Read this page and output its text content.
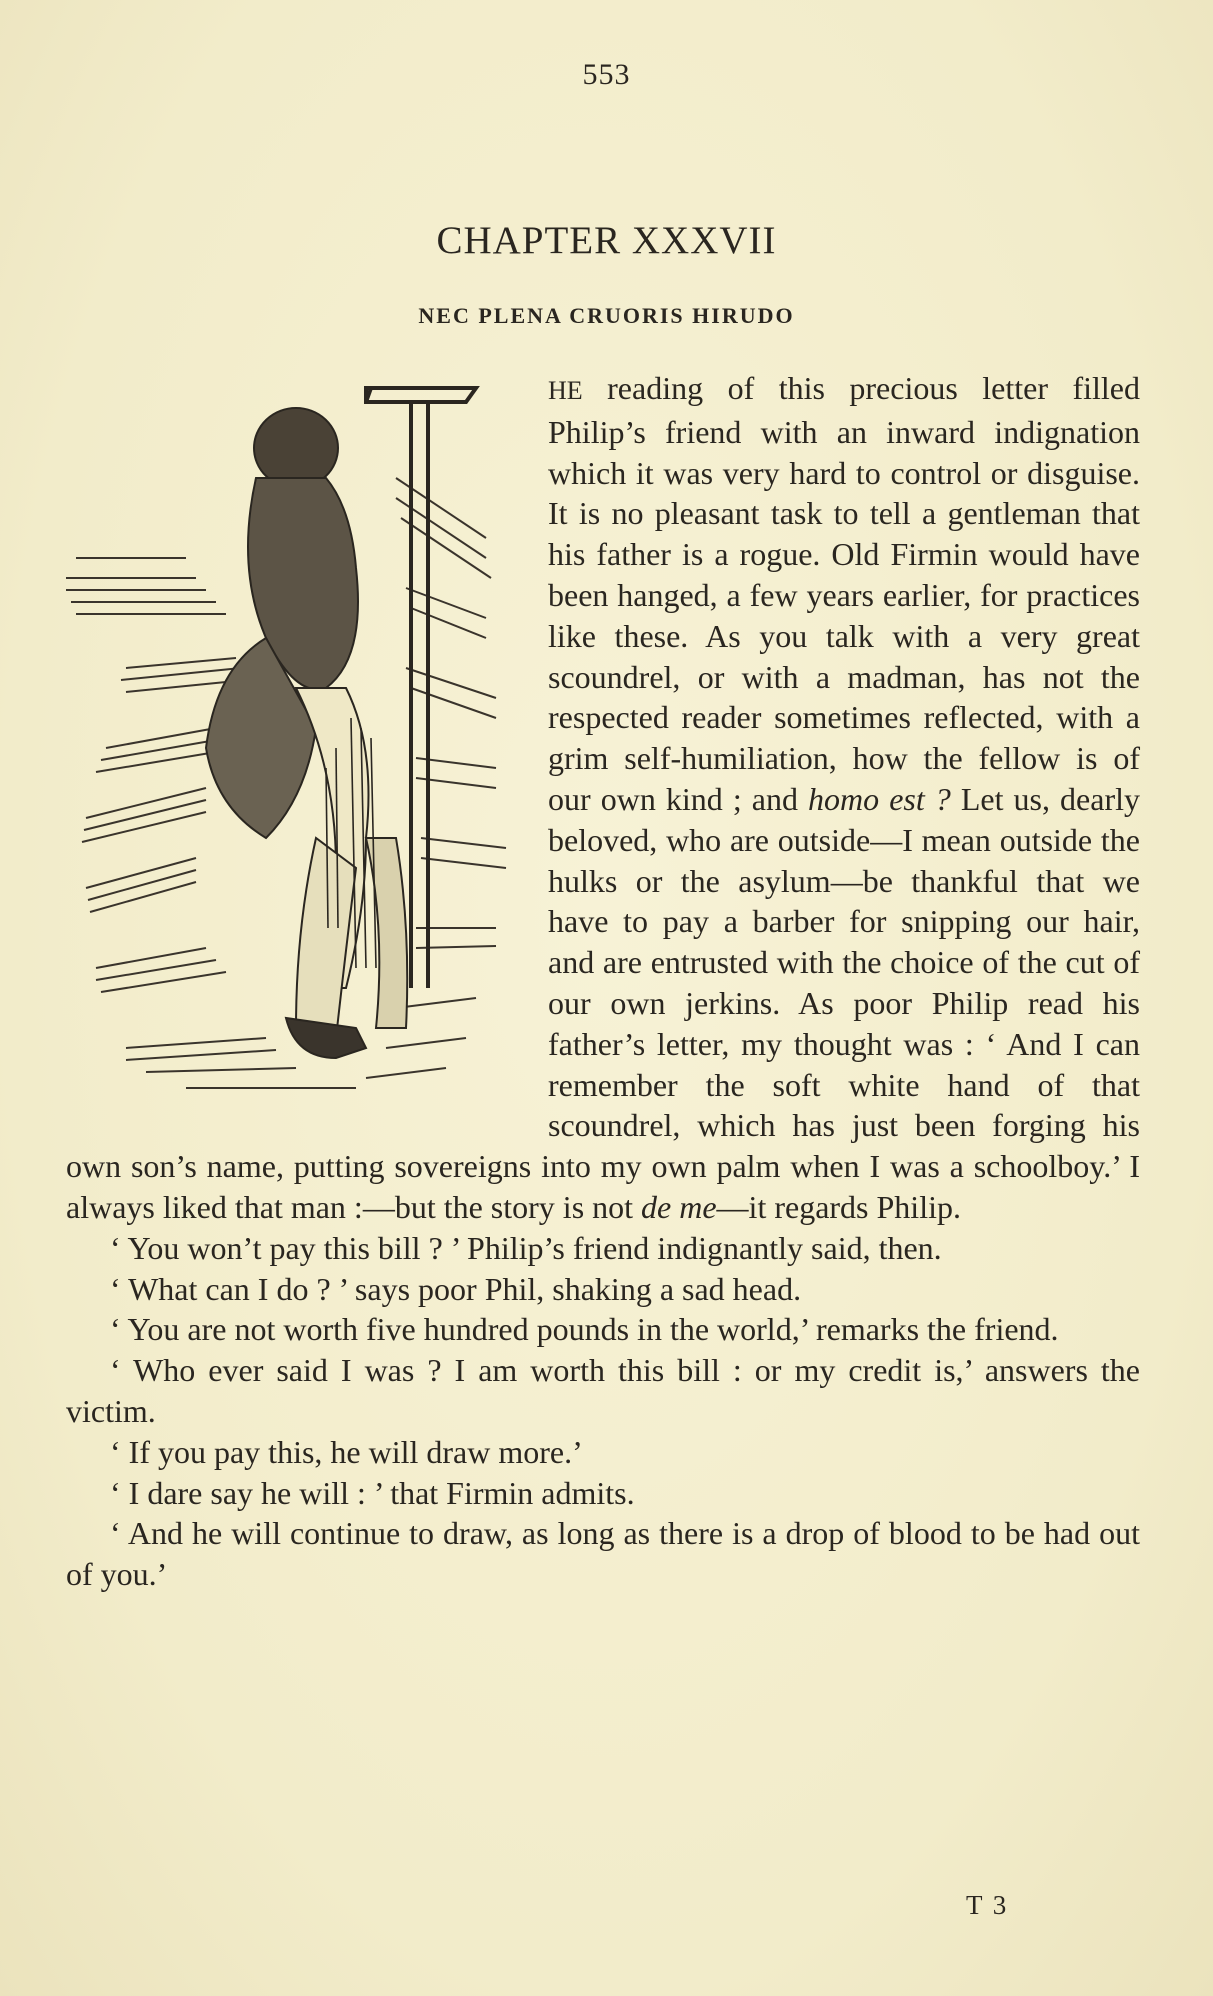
553
CHAPTER XXXVII
NEC PLENA CRUORIS HIRUDO

HE reading of this precious letter filled Philip’s friend with an inward indignation which it was very hard to control or disguise. It is no pleasant task to tell a gentleman that his father is a rogue. Old Firmin would have been hanged, a few years earlier, for practices like these. As you talk with a very great scoundrel, or with a madman, has not the respected reader sometimes reflected, with a grim self-humiliation, how the fellow is of our own kind ; and homo est ? Let us, dearly beloved, who are outside—I mean outside the hulks or the asylum—be thankful that we have to pay a barber for snipping our hair, and are entrusted with the choice of the cut of our own jerkins. As poor Philip read his father’s letter, my thought was : ‘ And I can remember the soft white hand of that scoundrel, which has just been forging his own son’s name, putting sovereigns into my own palm when I was a schoolboy.’ I always liked that man :—but the story is not de me—it regards Philip.

‘ You won’t pay this bill ? ’ Philip’s friend indignantly said, then.

‘ What can I do ? ’ says poor Phil, shaking a sad head.

‘ You are not worth five hundred pounds in the world,’ remarks the friend.

‘ Who ever said I was ? I am worth this bill : or my credit is,’ answers the victim.

‘ If you pay this, he will draw more.’

‘ I dare say he will : ’ that Firmin admits.

‘ And he will continue to draw, as long as there is a drop of blood to be had out of you.’

T 3
